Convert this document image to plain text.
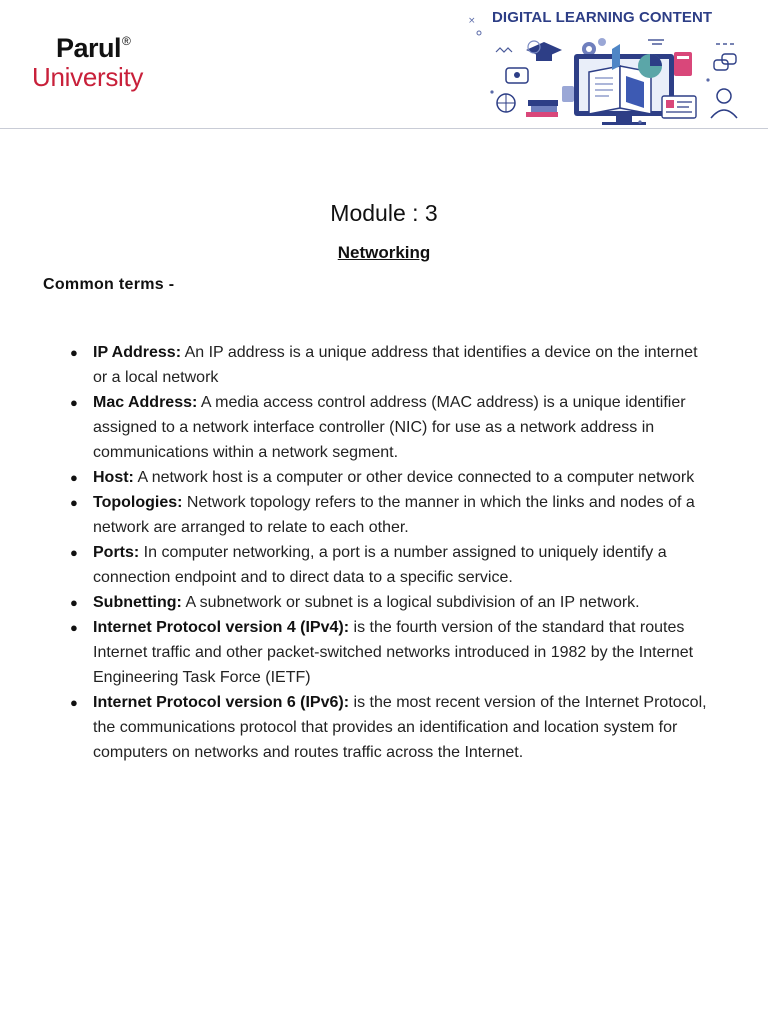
Parul®
University
× DIGITAL LEARNING CONTENT
Module : 3
Networking
Common terms -
● IP Address: An IP address is a unique address that identifies a device on the internet or a local network
● Mac Address: A media access control address (MAC address) is a unique identifier assigned to a network interface controller (NIC) for use as a network address in communications within a network segment.
● Host: A network host is a computer or other device connected to a computer network
● Topologies: Network topology refers to the manner in which the links and nodes of a network are arranged to relate to each other.
● Ports: In computer networking, a port is a number assigned to uniquely identify a connection endpoint and to direct data to a specific service.
● Subnetting: A subnetwork or subnet is a logical subdivision of an IP network.
● Internet Protocol version 4 (IPv4): is the fourth version of the standard that routes Internet traffic and other packet-switched networks introduced in 1982 by the Internet Engineering Task Force (IETF)
● Internet Protocol version 6 (IPv6): is the most recent version of the Internet Protocol, the communications protocol that provides an identification and location system for computers on networks and routes traffic across the Internet.
